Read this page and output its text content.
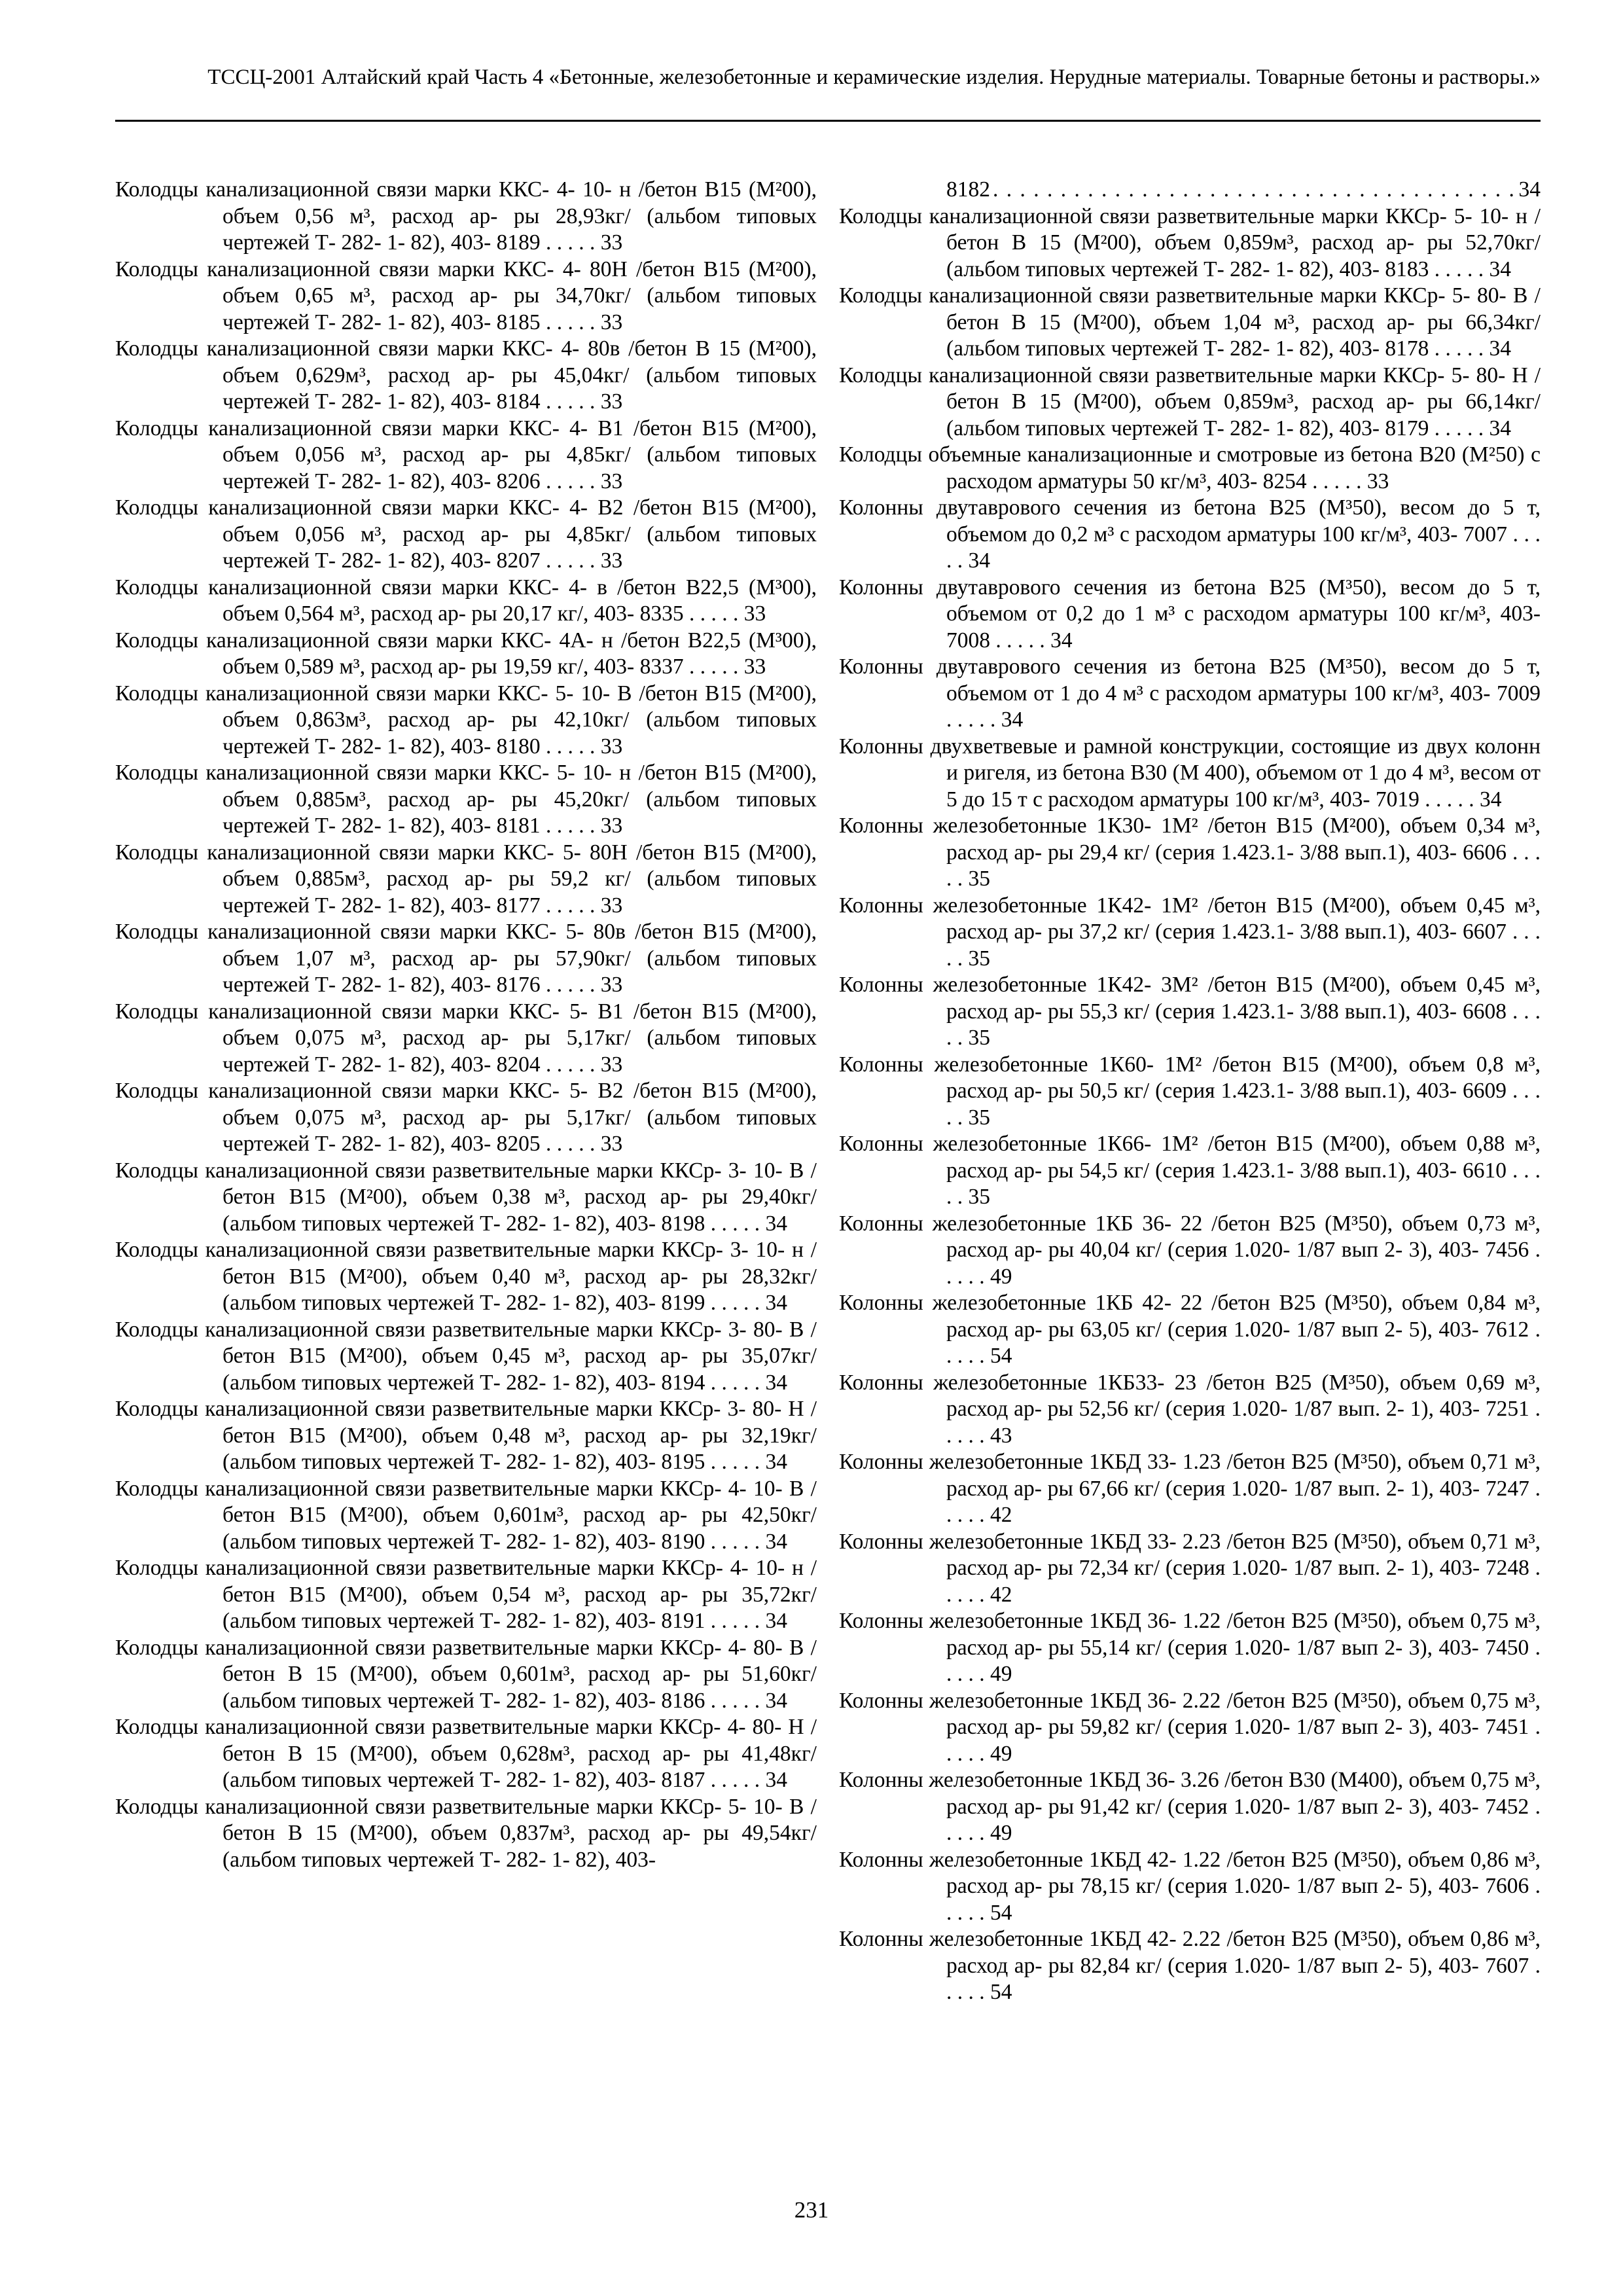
ТССЦ-2001 Алтайский край Часть 4 «Бетонные, железобетонные и керамические изделия. Нерудные материалы. Товарные бетоны и растворы.»
Колодцы канализационной связи марки ККС- 4- 10- н /бетон В15 (М²00), объем 0,56 м³, расход ар- ры 28,93кг/ (альбом типовых чертежей Т- 282- 1- 82), 403- 8189 . . . . . 33
Колодцы канализационной связи марки ККС- 4- 80Н /бетон В15 (М²00), объем 0,65 м³, расход ар- ры 34,70кг/ (альбом типовых чертежей Т- 282- 1- 82), 403- 8185 . . . . . 33
Колодцы канализационной связи марки ККС- 4- 80в /бетон В 15 (М²00), объем 0,629м³, расход ар- ры 45,04кг/ (альбом типовых чертежей Т- 282- 1- 82), 403- 8184 . . . . . 33
Колодцы канализационной связи марки ККС- 4- В1 /бетон В15 (М²00), объем 0,056 м³, расход ар- ры 4,85кг/ (альбом типовых чертежей Т- 282- 1- 82), 403- 8206 . . . . . 33
Колодцы канализационной связи марки ККС- 4- В2 /бетон В15 (М²00), объем 0,056 м³, расход ар- ры 4,85кг/ (альбом типовых чертежей Т- 282- 1- 82), 403- 8207 . . . . . 33
Колодцы канализационной связи марки ККС- 4- в /бетон В22,5 (М³00), объем 0,564 м³, расход ар- ры 20,17 кг/, 403- 8335 . . . . . 33
Колодцы канализационной связи марки ККС- 4А- н /бетон В22,5 (М³00), объем 0,589 м³, расход ар- ры 19,59 кг/, 403- 8337 . . . . . 33
Колодцы канализационной связи марки ККС- 5- 10- В /бетон В15 (М²00), объем 0,863м³, расход ар- ры 42,10кг/ (альбом типовых чертежей Т- 282- 1- 82), 403- 8180 . . . . . 33
Колодцы канализационной связи марки ККС- 5- 10- н /бетон В15 (М²00), объем 0,885м³, расход ар- ры 45,20кг/ (альбом типовых чертежей Т- 282- 1- 82), 403- 8181 . . . . . 33
Колодцы канализационной связи марки ККС- 5- 80Н /бетон В15 (М²00), объем 0,885м³, расход ар- ры 59,2 кг/ (альбом типовых чертежей Т- 282- 1- 82), 403- 8177 . . . . . 33
Колодцы канализационной связи марки ККС- 5- 80в /бетон В15 (М²00), объем 1,07 м³, расход ар- ры 57,90кг/ (альбом типовых чертежей Т- 282- 1- 82), 403- 8176 . . . . . 33
Колодцы канализационной связи марки ККС- 5- В1 /бетон В15 (М²00), объем 0,075 м³, расход ар- ры 5,17кг/ (альбом типовых чертежей Т- 282- 1- 82), 403- 8204 . . . . . 33
Колодцы канализационной связи марки ККС- 5- В2 /бетон В15 (М²00), объем 0,075 м³, расход ар- ры 5,17кг/ (альбом типовых чертежей Т- 282- 1- 82), 403- 8205 . . . . . 33
Колодцы канализационной связи разветвительные марки ККСр- 3- 10- В /бетон В15 (М²00), объем 0,38 м³, расход ар- ры 29,40кг/ (альбом типовых чертежей Т- 282- 1- 82), 403- 8198 . . . . . 34
Колодцы канализационной связи разветвительные марки ККСр- 3- 10- н /бетон В15 (М²00), объем 0,40 м³, расход ар- ры 28,32кг/ (альбом типовых чертежей Т- 282- 1- 82), 403- 8199 . . . . . 34
Колодцы канализационной связи разветвительные марки ККСр- 3- 80- В /бетон В15 (М²00), объем 0,45 м³, расход ар- ры 35,07кг/ (альбом типовых чертежей Т- 282- 1- 82), 403- 8194 . . . . . 34
Колодцы канализационной связи разветвительные марки ККСр- 3- 80- Н /бетон В15 (М²00), объем 0,48 м³, расход ар- ры 32,19кг/ (альбом типовых чертежей Т- 282- 1- 82), 403- 8195 . . . . . 34
Колодцы канализационной связи разветвительные марки ККСр- 4- 10- В /бетон В15 (М²00), объем 0,601м³, расход ар- ры 42,50кг/ (альбом типовых чертежей Т- 282- 1- 82), 403- 8190 . . . . . 34
Колодцы канализационной связи разветвительные марки ККСр- 4- 10- н /бетон В15 (М²00), объем 0,54 м³, расход ар- ры 35,72кг/ (альбом типовых чертежей Т- 282- 1- 82), 403- 8191 . . . . . 34
Колодцы канализационной связи разветвительные марки ККСр- 4- 80- В /бетон В 15 (М²00), объем 0,601м³, расход ар- ры 51,60кг/ (альбом типовых чертежей Т- 282- 1- 82), 403- 8186 . . . . . 34
Колодцы канализационной связи разветвительные марки ККСр- 4- 80- Н /бетон В 15 (М²00), объем 0,628м³, расход ар- ры 41,48кг/ (альбом типовых чертежей Т- 282- 1- 82), 403- 8187 . . . . . 34
Колодцы канализационной связи разветвительные марки ККСр- 5- 10- В /бетон В 15 (М²00), объем 0,837м³, расход ар- ры 49,54кг/ (альбом типовых чертежей Т- 282- 1- 82), 403-
8182 . . .	34
Колодцы канализационной связи разветвительные марки ККСр- 5- 10- н /бетон В 15 (М²00), объем 0,859м³, расход ар- ры 52,70кг/ (альбом типовых чертежей Т- 282- 1- 82), 403- 8183 . . . . . 34
Колодцы канализационной связи разветвительные марки ККСр- 5- 80- В /бетон В 15 (М²00), объем 1,04 м³, расход ар- ры 66,34кг/ (альбом типовых чертежей Т- 282- 1- 82), 403- 8178 . . . . . 34
Колодцы канализационной связи разветвительные марки ККСр- 5- 80- Н /бетон В 15 (М²00), объем 0,859м³, расход ар- ры 66,14кг/ (альбом типовых чертежей Т- 282- 1- 82), 403- 8179 . . . . . 34
Колодцы объемные канализационные и смотровые из бетона В20 (М²50) с расходом арматуры 50 кг/м³, 403- 8254 . . . . . 33
Колонны двутаврового сечения из бетона В25 (М³50), весом до 5 т, объемом до 0,2 м³ с расходом арматуры 100 кг/м³, 403- 7007 . . . . . 34
Колонны двутаврового сечения из бетона В25 (М³50), весом до 5 т, объемом от 0,2 до 1 м³ с расходом арматуры 100 кг/м³, 403- 7008 . . . . . 34
Колонны двутаврового сечения из бетона В25 (М³50), весом до 5 т, объемом от 1 до 4 м³ с расходом арматуры 100 кг/м³, 403- 7009 . . . . . 34
Колонны двухветвевые и рамной конструкции, состоящие из двух колонн и ригеля, из бетона В30 (М 400), объемом от 1 до 4 м³, весом от 5 до 15 т с расходом арматуры 100 кг/м³, 403- 7019 . . . . . 34
Колонны железобетонные 1К30- 1М² /бетон В15 (М²00), объем 0,34 м³, расход ар- ры 29,4 кг/ (серия 1.423.1- 3/88 вып.1), 403- 6606 . . . . . 35
Колонны железобетонные 1К42- 1М² /бетон В15 (М²00), объем 0,45 м³, расход ар- ры 37,2 кг/ (серия 1.423.1- 3/88 вып.1), 403- 6607 . . . . . 35
Колонны железобетонные 1К42- 3М² /бетон В15 (М²00), объем 0,45 м³, расход ар- ры 55,3 кг/ (серия 1.423.1- 3/88 вып.1), 403- 6608 . . . . . 35
Колонны железобетонные 1К60- 1М² /бетон В15 (М²00), объем 0,8 м³, расход ар- ры 50,5 кг/ (серия 1.423.1- 3/88 вып.1), 403- 6609 . . . . . 35
Колонны железобетонные 1К66- 1М² /бетон В15 (М²00), объем 0,88 м³, расход ар- ры 54,5 кг/ (серия 1.423.1- 3/88 вып.1), 403- 6610 . . . . . 35
Колонны железобетонные 1КБ 36- 22 /бетон В25 (М³50), объем 0,73 м³, расход ар- ры 40,04 кг/ (серия 1.020- 1/87 вып 2- 3), 403- 7456 . . . . . 49
Колонны железобетонные 1КБ 42- 22 /бетон В25 (М³50), объем 0,84 м³, расход ар- ры 63,05 кг/ (серия 1.020- 1/87 вып 2- 5), 403- 7612 . . . . . 54
Колонны железобетонные 1КБ33- 23 /бетон В25 (М³50), объем 0,69 м³, расход ар- ры 52,56 кг/ (серия 1.020- 1/87 вып. 2- 1), 403- 7251 . . . . . 43
Колонны железобетонные 1КБД 33- 1.23 /бетон В25 (М³50), объем 0,71 м³, расход ар- ры 67,66 кг/ (серия 1.020- 1/87 вып. 2- 1), 403- 7247 . . . . . 42
Колонны железобетонные 1КБД 33- 2.23 /бетон В25 (М³50), объем 0,71 м³, расход ар- ры 72,34 кг/ (серия 1.020- 1/87 вып. 2- 1), 403- 7248 . . . . . 42
Колонны железобетонные 1КБД 36- 1.22 /бетон В25 (М³50), объем 0,75 м³, расход ар- ры 55,14 кг/ (серия 1.020- 1/87 вып 2- 3), 403- 7450 . . . . . 49
Колонны железобетонные 1КБД 36- 2.22 /бетон В25 (М³50), объем 0,75 м³, расход ар- ры 59,82 кг/ (серия 1.020- 1/87 вып 2- 3), 403- 7451 . . . . . 49
Колонны железобетонные 1КБД 36- 3.26 /бетон В30 (М400), объем 0,75 м³, расход ар- ры 91,42 кг/ (серия 1.020- 1/87 вып 2- 3), 403- 7452 . . . . . 49
Колонны железобетонные 1КБД 42- 1.22 /бетон В25 (М³50), объем 0,86 м³, расход ар- ры 78,15 кг/ (серия 1.020- 1/87 вып 2- 5), 403- 7606 . . . . . 54
Колонны железобетонные 1КБД 42- 2.22 /бетон В25 (М³50), объем 0,86 м³, расход ар- ры 82,84 кг/ (серия 1.020- 1/87 вып 2- 5), 403- 7607 . . . . . 54
231
